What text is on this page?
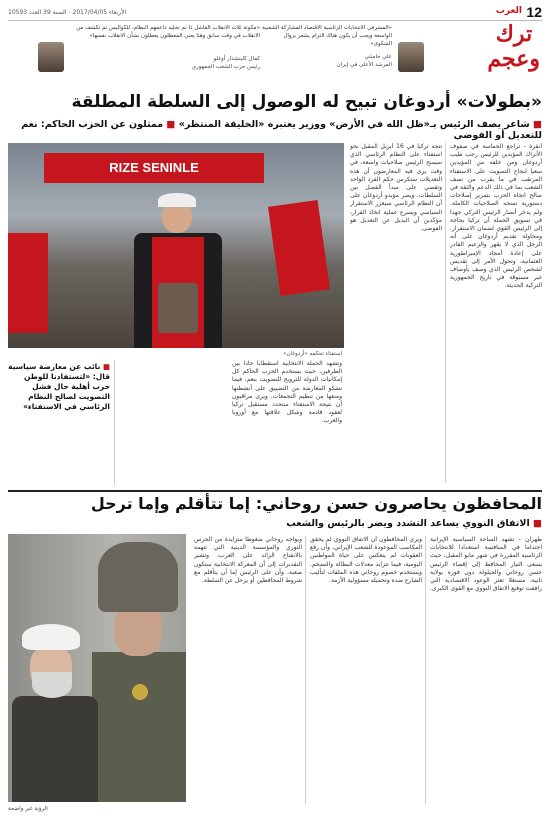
12
العرب
الأربعاء 2017/04/05 - السنة 39 العدد 10593
ترك وعجم
«المشرفي الانتخابات الرئاسية الاقتصاد المشاركة الشعبية الواسعة ويجب أن يكون هناك التزام يشعر بزوال الشكوى»
علي خامنئي
المرشد الأعلى في إيران
«مكونة ثلاث الانقلاب الفاشل ذا تم تخليه داعمهم النظام، للكواليس تم تكشف من الانقلاب في وقت سابق وهنا يعني المعطلون يعطلون بشأن الانقلاب نفسها»
كمال كليتشدار أوغلو
رئيس حزب الشعب الجمهوري
«بطولات» أردوغان تبيح له الوصول إلى السلطة المطلقة
■ شاعر يصف الرئيس بـ«ظل الله في الأرض» ووزير يعتبره «الخليفة المنتظر» ■ ممثلون عن الحزب الحاكم: نعم للتعديل أو الفوضى
أنقرة - تراجع الحماسة في صفوف الأتراك المؤيدين للرئيس رجب طيب أردوغان ومن خلفه من المؤيدين سعيا لنجاح التصويت على الاستفتاء المرتقب في ما يقرب من نصف الشعب بما في ذلك الدعم والثقة في صالح اتجاه الحزب بتمرير إصلاحات دستورية تمنحه الصلاحيات الكاملة. ولم يدخر أنصار الرئيس التركي جهدا في تسويق الحملة أن تركيا بحاجة إلى الرئيس القوي لضمان الاستقرار. ومحاولة تقديم أردوغان على أنه الرجل الذي لا يقهر والزعيم القادر على إعادة أمجاد الإمبراطورية العثمانية، وتحول الأمر إلى تقديس لشخص الرئيس الذي وصف بأوصاف غير مسبوقة في تاريخ الجمهورية التركية الحديثة.
تتجه تركيا في 16 أبريل المقبل نحو استفتاء على النظام الرئاسي الذي سيمنح الرئيس صلاحيات واسعة، في وقت يرى فيه المعارضون أن هذه التعديلات ستكرس حكم الفرد الواحد وتقضي على مبدأ الفصل بين السلطات. ويصر مؤيدو أردوغان على أن النظام الرئاسي سيعزز الاستقرار السياسي ويسرع عملية اتخاذ القرار، مؤكدين أن البديل عن التعديل هو الفوضى.
RIZE SENINLE
استفتاء تحكمه «أردوغان»
وتشهد الحملة الانتخابية استقطابا حادا بين الطرفين، حيث يستخدم الحزب الحاكم كل إمكانيات الدولة للترويج للتصويت بنعم، فيما تشكو المعارضة من التضييق على أنشطتها ومنعها من تنظيم التجمعات. ويرى مراقبون أن نتيجة الاستفتاء ستحدد مستقبل تركيا لعقود قادمة وشكل علاقتها مع أوروبا والغرب.
■ نائب عن معارضة سياسية قال: «لتستفادنا للوطن حرب أهلية حال فشل التصويت لصالح النظام الرئاسي في الاستفتاء»
المحافظون يحاصرون حسن روحاني: إما تتأقلم وإما ترحل
■ الاتفاق النووي يساعد التشدد ويضر بالرئيس والشعب
طهران - تشهد الساحة السياسية الإيرانية احتداما في المنافسة استعدادا للانتخابات الرئاسية المقررة في شهر مايو المقبل، حيث يسعى التيار المحافظ إلى إقصاء الرئيس حسن روحاني والحيلولة دون فوزه بولاية ثانية، مستغلا تعثر الوعود الاقتصادية التي رافقت توقيع الاتفاق النووي مع القوى الكبرى.
ويرى المحافظون أن الاتفاق النووي لم يحقق المكاسب الموعودة للشعب الإيراني، وأن رفع العقوبات لم ينعكس على حياة المواطنين اليومية، فيما تتزايد معدلات البطالة والتضخم. ويستخدم خصوم روحاني هذه الملفات لتأليب الشارع ضده وتحميله مسؤولية الأزمة.
ويواجه روحاني ضغوطا متزايدة من الحرس الثوري والمؤسسة الدينية التي تتهمه بالانفتاح الزائد على الغرب، وتشير التقديرات إلى أن المعركة الانتخابية ستكون صعبة، وأن على الرئيس إما أن يتأقلم مع شروط المحافظين أو يرحل عن السلطة.
الرؤية غير واضحة
